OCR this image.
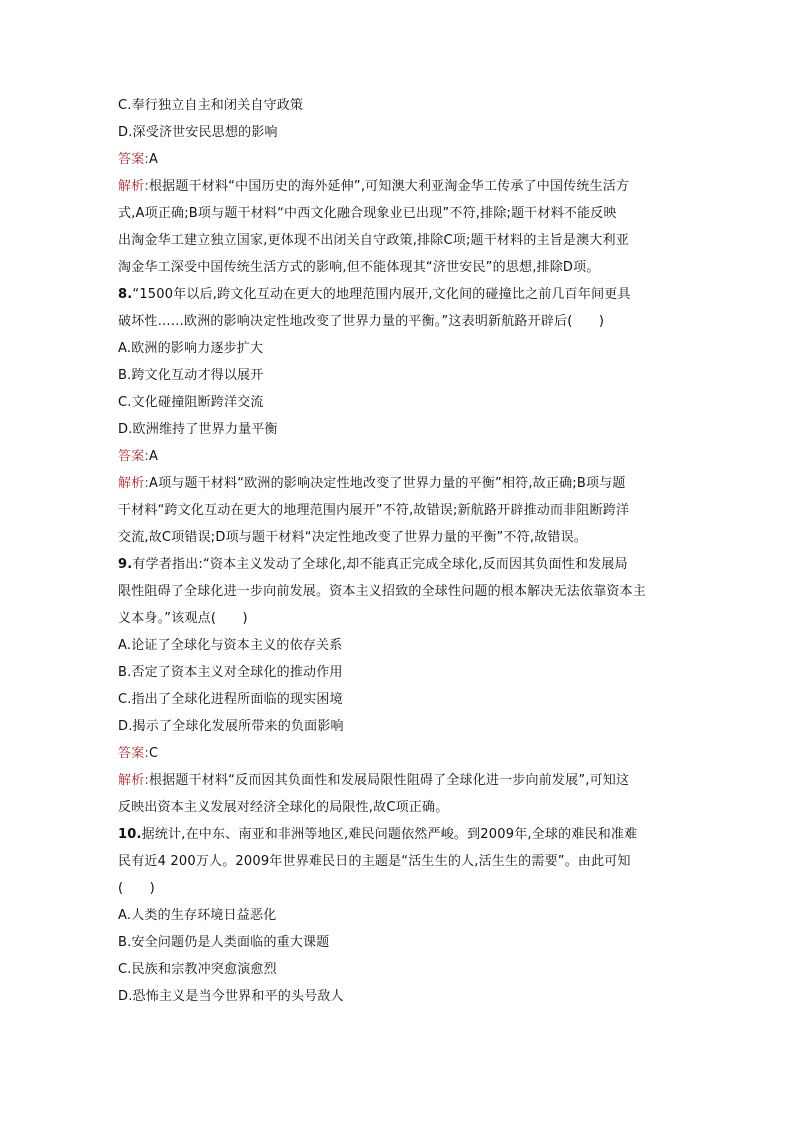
C.奉行独立自主和闭关自守政策
D.深受济世安民思想的影响
答案:A
解析:根据题干材料“中国历史的海外延伸”,可知澳大利亚淘金华工传承了中国传统生活方
式,A项正确;B项与题干材料“中西文化融合现象业已出现”不符,排除;题干材料不能反映
出淘金华工建立独立国家,更体现不出闭关自守政策,排除C项;题干材料的主旨是澳大利亚
淘金华工深受中国传统生活方式的影响,但不能体现其“济世安民”的思想,排除D项。
8.“1500年以后,跨文化互动在更大的地理范围内展开,文化间的碰撞比之前几百年间更具
破坏性……欧洲的影响决定性地改变了世界力量的平衡。”这表明新航路开辟后(　　)
A.欧洲的影响力逐步扩大
B.跨文化互动才得以展开
C.文化碰撞阻断跨洋交流
D.欧洲维持了世界力量平衡
答案:A
解析:A项与题干材料“欧洲的影响决定性地改变了世界力量的平衡”相符,故正确;B项与题
干材料“跨文化互动在更大的地理范围内展开”不符,故错误;新航路开辟推动而非阻断跨洋
交流,故C项错误;D项与题干材料“决定性地改变了世界力量的平衡”不符,故错误。
9.有学者指出:“资本主义发动了全球化,却不能真正完成全球化,反而因其负面性和发展局
限性阻碍了全球化进一步向前发展。资本主义招致的全球性问题的根本解决无法依靠资本主
义本身。”该观点(　　)
A.论证了全球化与资本主义的依存关系
B.否定了资本主义对全球化的推动作用
C.指出了全球化进程所面临的现实困境
D.揭示了全球化发展所带来的负面影响
答案:C
解析:根据题干材料“反而因其负面性和发展局限性阻碍了全球化进一步向前发展”,可知这
反映出资本主义发展对经济全球化的局限性,故C项正确。
10.据统计,在中东、南亚和非洲等地区,难民问题依然严峻。到2009年,全球的难民和准难
民有近4 200万人。2009年世界难民日的主题是“活生生的人,活生生的需要”。由此可知
(　　)
A.人类的生存环境日益恶化
B.安全问题仍是人类面临的重大课题
C.民族和宗教冲突愈演愈烈
D.恐怖主义是当今世界和平的头号敌人
